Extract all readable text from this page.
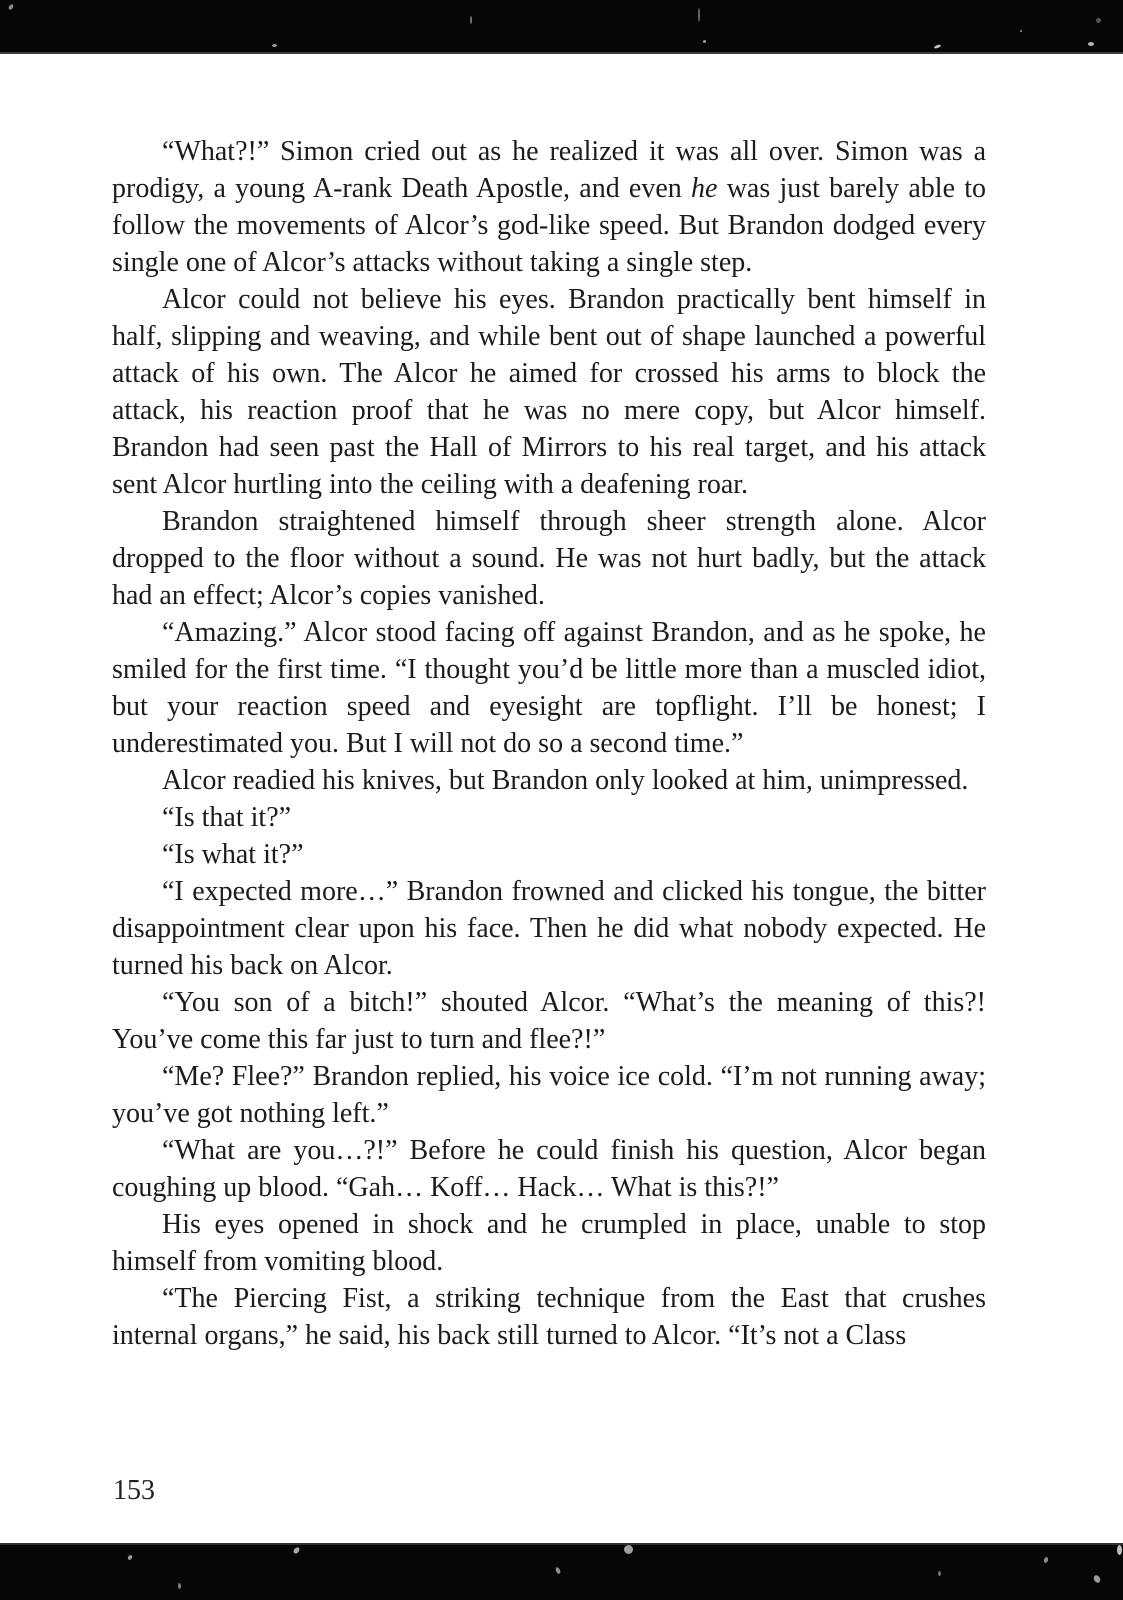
“What?!” Simon cried out as he realized it was all over. Simon was a prodigy, a young A-rank Death Apostle, and even he was just barely able to follow the movements of Alcor’s god-like speed. But Brandon dodged every single one of Alcor’s attacks without taking a single step.

Alcor could not believe his eyes. Brandon practically bent himself in half, slipping and weaving, and while bent out of shape launched a powerful attack of his own. The Alcor he aimed for crossed his arms to block the attack, his reaction proof that he was no mere copy, but Alcor himself. Brandon had seen past the Hall of Mirrors to his real target, and his attack sent Alcor hurtling into the ceiling with a deafening roar.

Brandon straightened himself through sheer strength alone. Alcor dropped to the floor without a sound. He was not hurt badly, but the attack had an effect; Alcor’s copies vanished.

“Amazing.” Alcor stood facing off against Brandon, and as he spoke, he smiled for the first time. “I thought you’d be little more than a muscled idiot, but your reaction speed and eyesight are topflight. I’ll be honest; I underestimated you. But I will not do so a second time.”

Alcor readied his knives, but Brandon only looked at him, unimpressed.

“Is that it?”

“Is what it?”

“I expected more…” Brandon frowned and clicked his tongue, the bitter disappointment clear upon his face. Then he did what nobody expected. He turned his back on Alcor.

“You son of a bitch!” shouted Alcor. “What’s the meaning of this?! You’ve come this far just to turn and flee?!”

“Me? Flee?” Brandon replied, his voice ice cold. “I’m not running away; you’ve got nothing left.”

“What are you…?!” Before he could finish his question, Alcor began coughing up blood. “Gah… Koff… Hack… What is this?!”

His eyes opened in shock and he crumpled in place, unable to stop himself from vomiting blood.

“The Piercing Fist, a striking technique from the East that crushes internal organs,” he said, his back still turned to Alcor. “It’s not a Class

153
